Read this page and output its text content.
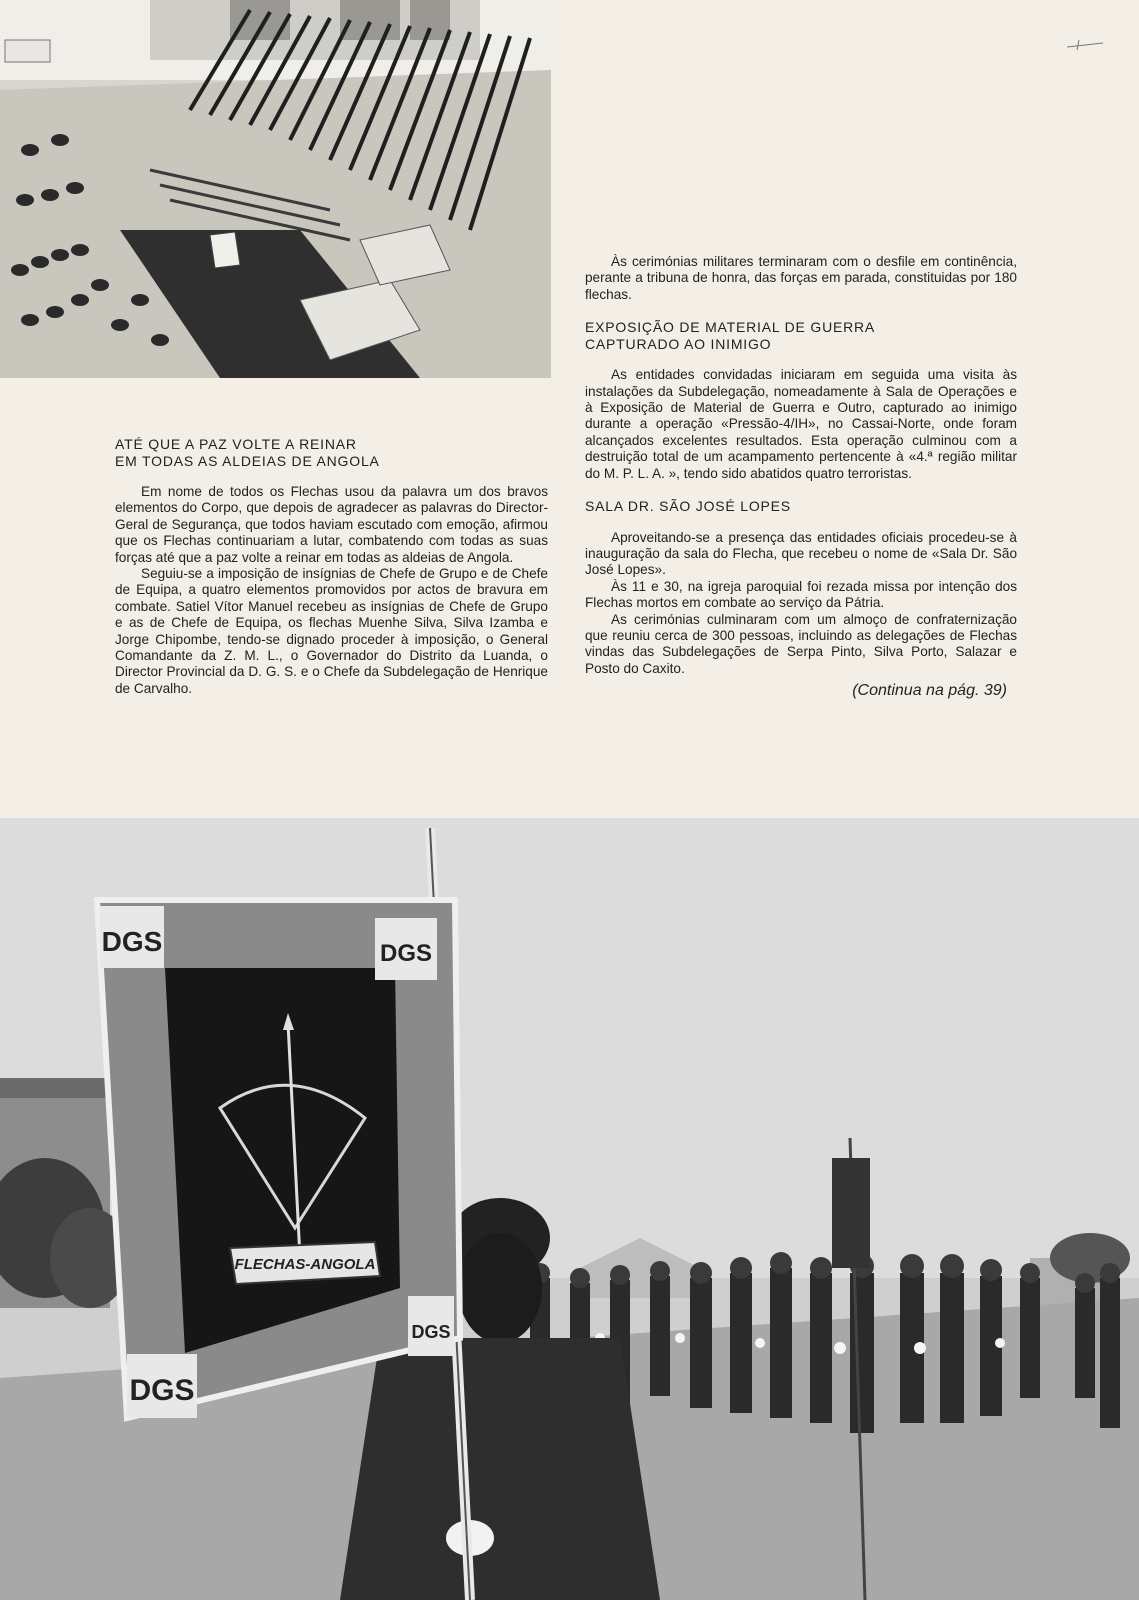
ATÉ QUE A PAZ VOLTE A REINAR
EM TODAS AS ALDEIAS DE ANGOLA

Em nome de todos os Flechas usou da palavra um dos bravos elementos do Corpo, que depois de agradecer as palavras do Director-Geral de Segurança, que todos haviam escutado com emoção, afirmou que os Flechas continuariam a lutar, combatendo com todas as suas forças até que a paz volte a reinar em todas as aldeias de Angola.

Seguiu-se a imposição de insígnias de Chefe de Grupo e de Chefe de Equipa, a quatro elementos promovidos por actos de bravura em combate. Satiel Vítor Manuel recebeu as insígnias de Chefe de Grupo e as de Chefe de Equipa, os flechas Muenhe Silva, Silva Izamba e Jorge Chipombe, tendo-se dignado proceder à imposição, o General Comandante da Z. M. L., o Governador do Distrito da Luanda, o Director Provincial da D. G. S. e o Chefe da Subdelegação de Henrique de Carvalho.

Às cerimónias militares terminaram com o desfile em continência, perante a tribuna de honra, das forças em parada, constituidas por 180 flechas.

EXPOSIÇÃO DE MATERIAL DE GUERRA
CAPTURADO AO INIMIGO

As entidades convidadas iniciaram em seguida uma visita às instalações da Subdelegação, nomeadamente à Sala de Operações e à Exposição de Material de Guerra e Outro, capturado ao inimigo durante a operação «Pressão-4/IH», no Cassai-Norte, onde foram alcançados excelentes resultados. Esta operação culminou com a destruição total de um acampamento pertencente à «4.ª região militar do M. P. L. A. », tendo sido abatidos quatro terroristas.

SALA DR. SÃO JOSÉ LOPES

Aproveitando-se a presença das entidades oficiais procedeu-se à inauguração da sala do Flecha, que recebeu o nome de «Sala Dr. São José Lopes».

Às 11 e 30, na igreja paroquial foi rezada missa por intenção dos Flechas mortos em combate ao serviço da Pátria.

As cerimónias culminaram com um almoço de confraternização que reuniu cerca de 300 pessoas, incluindo as delegações de Flechas vindas das Subdelegações de Serpa Pinto, Silva Porto, Salazar e Posto do Caxito.

(Continua na pág. 39)
DGS	DGS
DGS
DGS
FLECHAS-ANGOLA
